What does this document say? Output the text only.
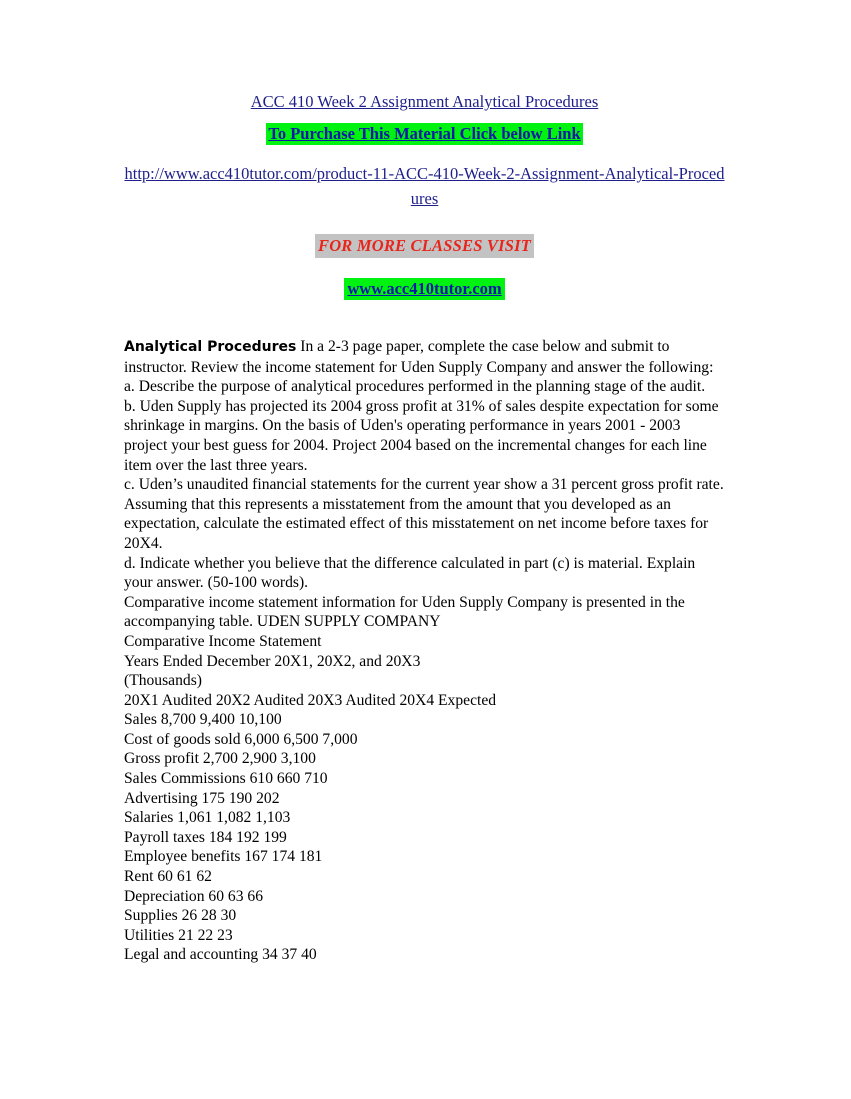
ACC 410 Week 2 Assignment Analytical Procedures

To Purchase This Material Click below Link

http://www.acc410tutor.com/product-11-ACC-410-Week-2-Assignment-Analytical-Procedures

FOR MORE CLASSES VISIT

www.acc410tutor.com

Analytical Procedures In a 2-3 page paper, complete the case below and submit to instructor. Review the income statement for Uden Supply Company and answer the following:

a. Describe the purpose of analytical procedures performed in the planning stage of the audit.

b. Uden Supply has projected its 2004 gross profit at 31% of sales despite expectation for some shrinkage in margins. On the basis of Uden's operating performance in years 2001 - 2003 project your best guess for 2004. Project 2004 based on the incremental changes for each line item over the last three years.

c. Uden’s unaudited financial statements for the current year show a 31 percent gross profit rate. Assuming that this represents a misstatement from the amount that you developed as an expectation, calculate the estimated effect of this misstatement on net income before taxes for 20X4.

d. Indicate whether you believe that the difference calculated in part (c) is material. Explain your answer. (50-100 words).

Comparative income statement information for Uden Supply Company is presented in the accompanying table. UDEN SUPPLY COMPANY

Comparative Income Statement

Years Ended December 20X1, 20X2, and 20X3

(Thousands)

20X1 Audited 20X2 Audited 20X3 Audited 20X4 Expected

Sales 8,700 9,400 10,100

Cost of goods sold 6,000 6,500 7,000

Gross profit 2,700 2,900 3,100

Sales Commissions 610 660 710

Advertising 175 190 202

Salaries 1,061 1,082 1,103

Payroll taxes 184 192 199

Employee benefits 167 174 181

Rent 60 61 62

Depreciation 60 63 66

Supplies 26 28 30

Utilities 21 22 23

Legal and accounting 34 37 40
